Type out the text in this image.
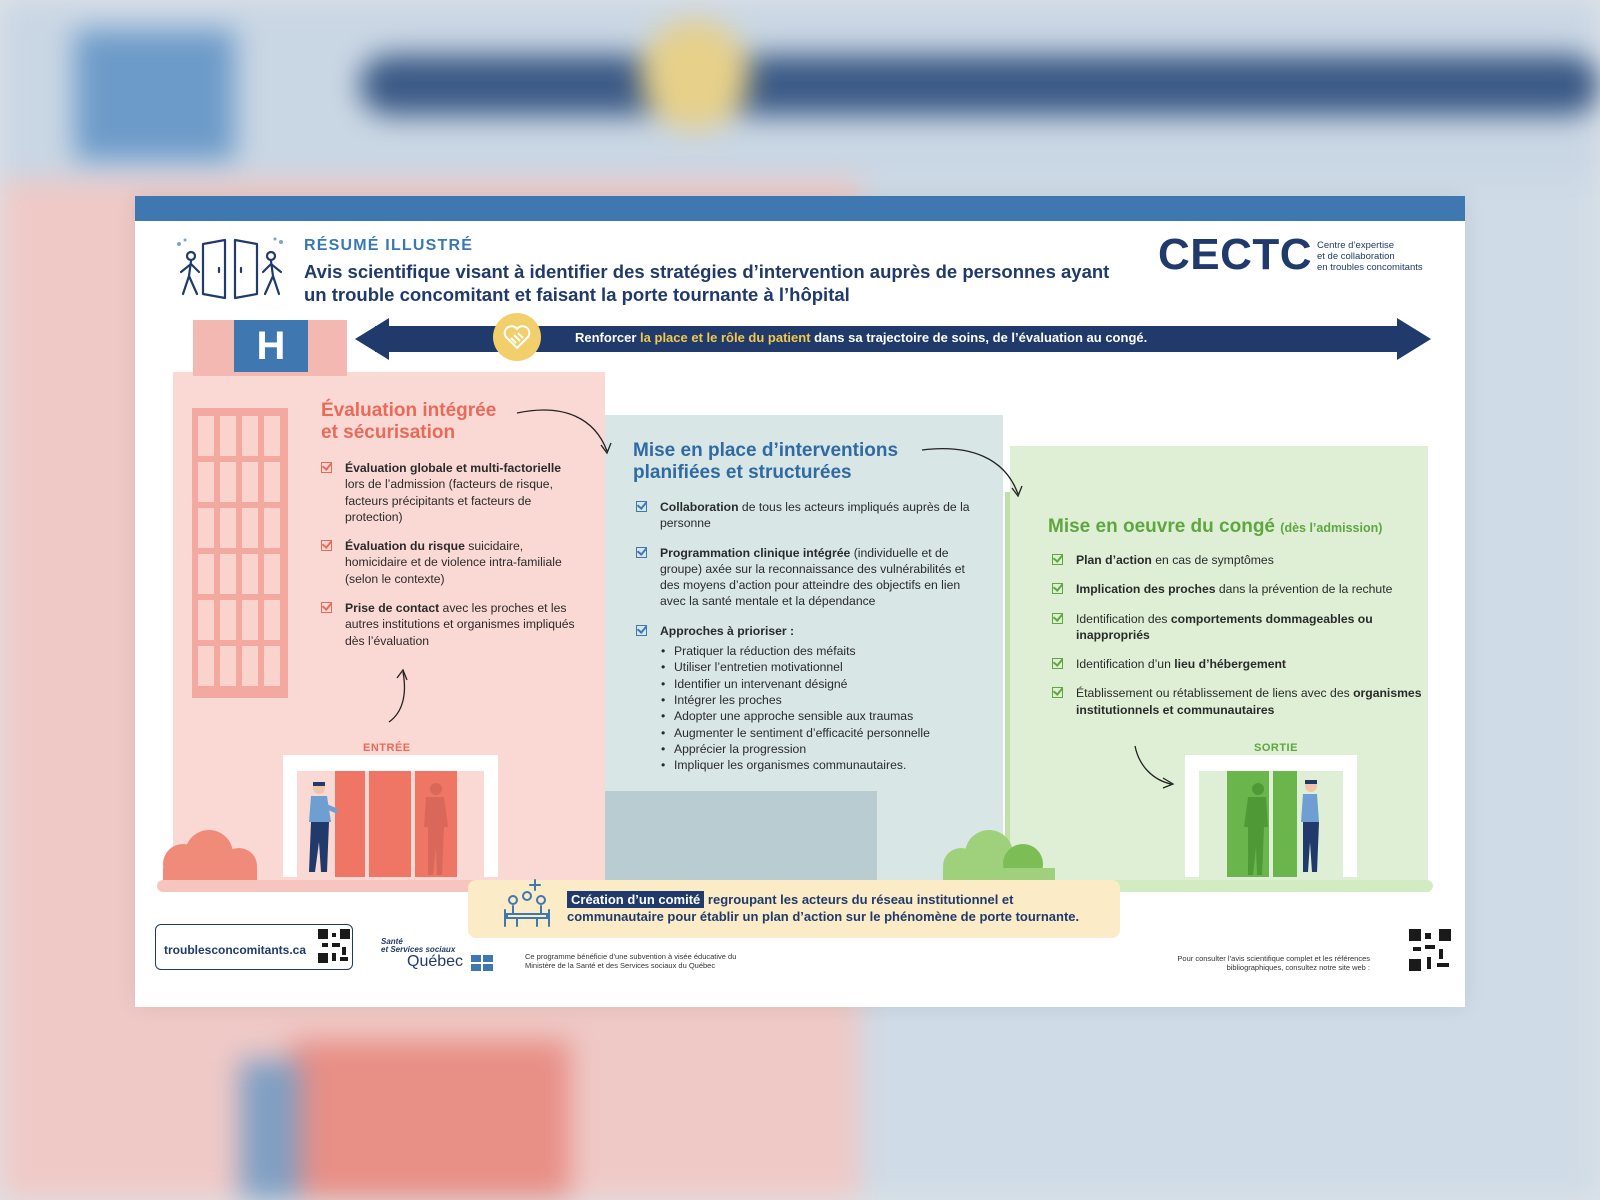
RÉSUMÉ ILLUSTRÉ
Avis scientifique visant à identifier des stratégies d’intervention auprès de personnes ayant un trouble concomitant et faisant la porte tournante à l’hôpital
CECTC Centre d’expertise
et de collaboration
en troubles concomitants
H	Renforcer la place et le rôle du patient dans sa trajectoire de soins, de l’évaluation au congé.
Évaluation intégrée
et sécurisation
Évaluation globale et multi-factorielle lors de l’admission (facteurs de risque, facteurs précipitants et facteurs de protection)
Évaluation du risque suicidaire, homicidaire et de violence intra-familiale (selon le contexte)
Prise de contact avec les proches et les autres institutions et organismes impliqués dès l’évaluation
Mise en place d’interventions
planifiées et structurées
Collaboration de tous les acteurs impliqués auprès de la personne
Programmation clinique intégrée (individuelle et de groupe) axée sur la reconnaissance des vulnérabilités et des moyens d’action pour atteindre des objectifs en lien avec la santé mentale et la dépendance
Approches à prioriser :
• Pratiquer la réduction des méfaits
• Utiliser l’entretien motivationnel
• Identifier un intervenant désigné
• Intégrer les proches
• Adopter une approche sensible aux traumas
• Augmenter le sentiment d’efficacité personnelle
• Apprécier la progression
• Impliquer les organismes communautaires.
Mise en oeuvre du congé (dès l’admission)
Plan d’action en cas de symptômes
Implication des proches dans la prévention de la rechute
Identification des comportements dommageables ou inappropriés
Identification d’un lieu d’hébergement
Établissement ou rétablissement de liens avec des organismes institutionnels et communautaires
ENTRÉE	SORTIE
Création d’un comité regroupant les acteurs du réseau institutionnel et communautaire pour établir un plan d’action sur le phénomène de porte tournante.
troublesconcomitants.ca
Santé
et Services sociaux
Québec	Ce programme bénéficie d’une subvention à visée éducative du Ministère de la Santé et des Services sociaux du Québec
Pour consulter l’avis scientifique complet et les références bibliographiques, consultez notre site web :
